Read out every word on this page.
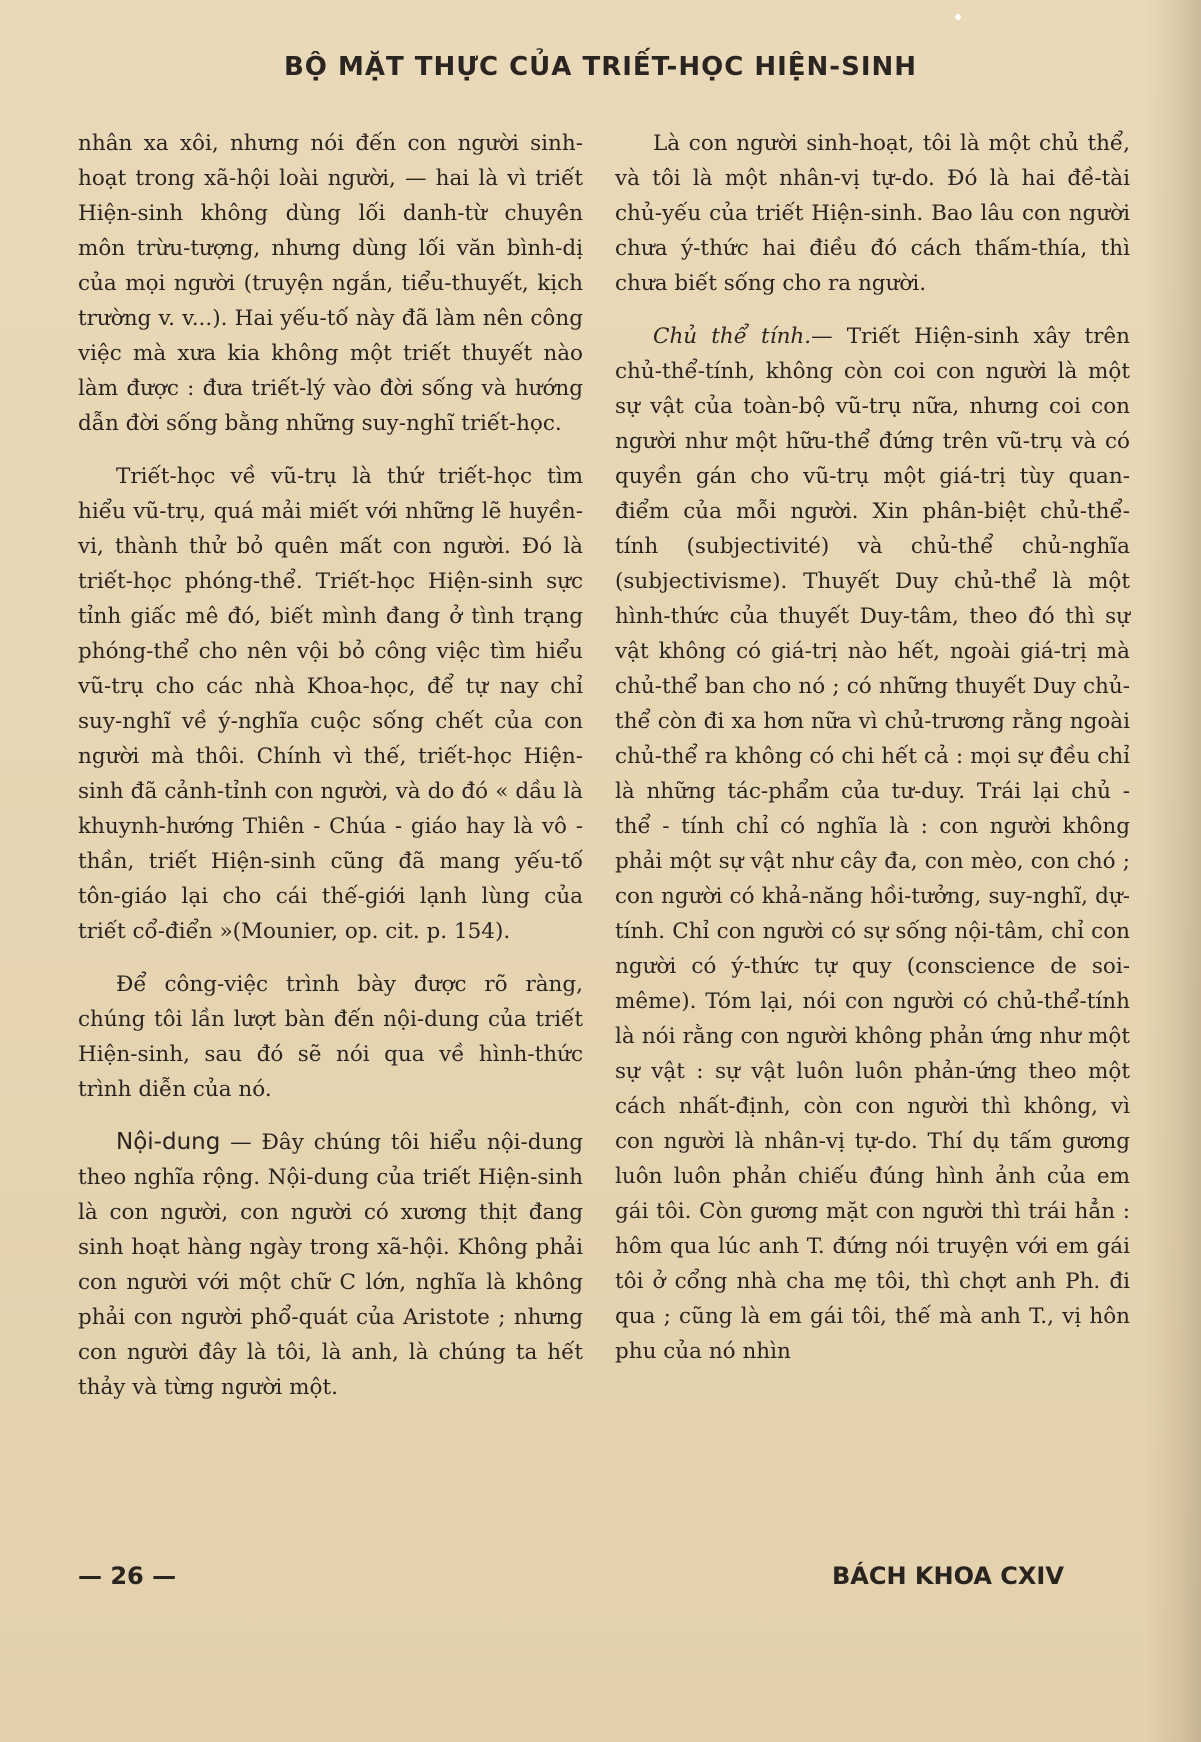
BỘ MẶT THỰC CỦA TRIẾT-HỌC HIỆN-SINH

nhân xa xôi, nhưng nói đến con người sinh-hoạt trong xã-hội loài người, — hai là vì triết Hiện-sinh không dùng lối danh-từ chuyên môn trừu-tượng, nhưng dùng lối văn bình-dị của mọi người (truyện ngắn, tiểu-thuyết, kịch trường v. v...). Hai yếu-tố này đã làm nên công việc mà xưa kia không một triết thuyết nào làm được : đưa triết-lý vào đời sống và hướng dẫn đời sống bằng những suy-nghĩ triết-học.

Triết-học về vũ-trụ là thứ triết-học tìm hiểu vũ-trụ, quá mải miết với những lẽ huyền-vi, thành thử bỏ quên mất con người. Đó là triết-học phóng-thể. Triết-học Hiện-sinh sực tỉnh giấc mê đó, biết mình đang ở tình trạng phóng-thể cho nên vội bỏ công việc tìm hiểu vũ-trụ cho các nhà Khoa-học, để tự nay chỉ suy-nghĩ về ý-nghĩa cuộc sống chết của con người mà thôi. Chính vì thế, triết-học Hiện-sinh đã cảnh-tỉnh con người, và do đó « dầu là khuynh-hướng Thiên - Chúa - giáo hay là vô - thần, triết Hiện-sinh cũng đã mang yếu-tố tôn-giáo lại cho cái thế-giới lạnh lùng của triết cổ-điển »(Mounier, op. cit. p. 154).

Để công-việc trình bày được rõ ràng, chúng tôi lần lượt bàn đến nội-dung của triết Hiện-sinh, sau đó sẽ nói qua về hình-thức trình diễn của nó.

Nội-dung — Đây chúng tôi hiểu nội-dung theo nghĩa rộng. Nội-dung của triết Hiện-sinh là con người, con người có xương thịt đang sinh hoạt hàng ngày trong xã-hội. Không phải con người với một chữ C lớn, nghĩa là không phải con người phổ-quát của Aristote ; nhưng con người đây là tôi, là anh, là chúng ta hết thảy và từng người một.

Là con người sinh-hoạt, tôi là một chủ thể, và tôi là một nhân-vị tự-do. Đó là hai đề-tài chủ-yếu của triết Hiện-sinh. Bao lâu con người chưa ý-thức hai điều đó cách thấm-thía, thì chưa biết sống cho ra người.

Chủ thể tính.— Triết Hiện-sinh xây trên chủ-thể-tính, không còn coi con người là một sự vật của toàn-bộ vũ-trụ nữa, nhưng coi con người như một hữu-thể đứng trên vũ-trụ và có quyền gán cho vũ-trụ một giá-trị tùy quan-điểm của mỗi người. Xin phân-biệt chủ-thể-tính (subjectivité) và chủ-thể chủ-nghĩa (subjectivisme). Thuyết Duy chủ-thể là một hình-thức của thuyết Duy-tâm, theo đó thì sự vật không có giá-trị nào hết, ngoài giá-trị mà chủ-thể ban cho nó ; có những thuyết Duy chủ-thể còn đi xa hơn nữa vì chủ-trương rằng ngoài chủ-thể ra không có chi hết cả : mọi sự đều chỉ là những tác-phẩm của tư-duy. Trái lại chủ - thể - tính chỉ có nghĩa là : con người không phải một sự vật như cây đa, con mèo, con chó ; con người có khả-năng hồi-tưởng, suy-nghĩ, dự-tính. Chỉ con người có sự sống nội-tâm, chỉ con người có ý-thức tự quy (conscience de soi-même). Tóm lại, nói con người có chủ-thể-tính là nói rằng con người không phản ứng như một sự vật : sự vật luôn luôn phản-ứng theo một cách nhất-định, còn con người thì không, vì con người là nhân-vị tự-do. Thí dụ tấm gương luôn luôn phản chiếu đúng hình ảnh của em gái tôi. Còn gương mặt con người thì trái hẳn : hôm qua lúc anh T. đứng nói truyện với em gái tôi ở cổng nhà cha mẹ tôi, thì chợt anh Ph. đi qua ; cũng là em gái tôi, thế mà anh T., vị hôn phu của nó nhìn

— 26 —	BÁCH KHOA CXIV
